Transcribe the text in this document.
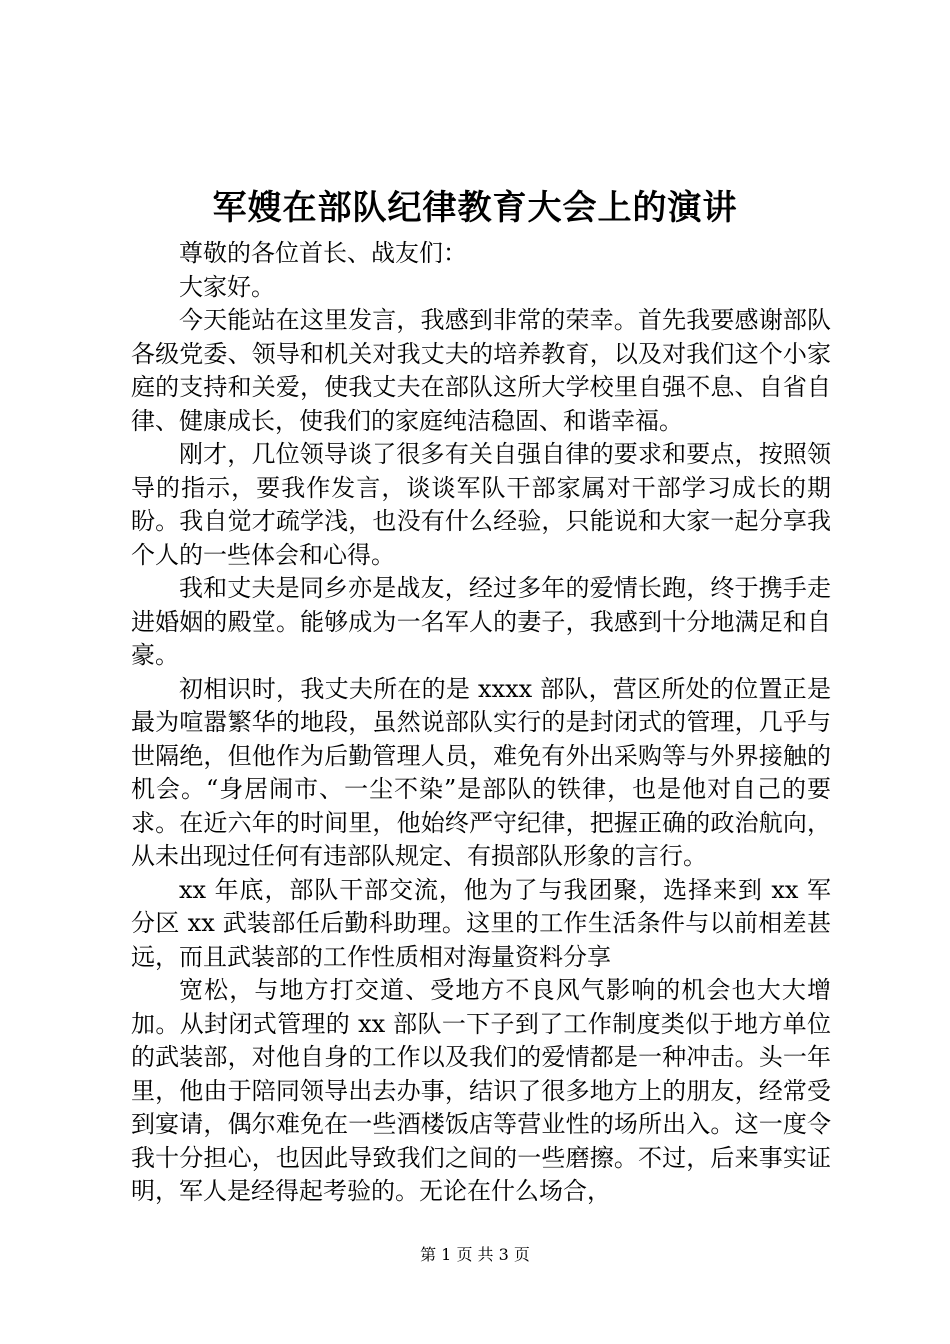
军嫂在部队纪律教育大会上的演讲

尊敬的各位首长、战友们：

大家好。

今天能站在这里发言，我感到非常的荣幸。首先我要感谢部队各级党委、领导和机关对我丈夫的培养教育，以及对我们这个小家庭的支持和关爱，使我丈夫在部队这所大学校里自强不息、自省自律、健康成长，使我们的家庭纯洁稳固、和谐幸福。

刚才，几位领导谈了很多有关自强自律的要求和要点，按照领导的指示，要我作发言，谈谈军队干部家属对干部学习成长的期盼。我自觉才疏学浅，也没有什么经验，只能说和大家一起分享我个人的一些体会和心得。

我和丈夫是同乡亦是战友，经过多年的爱情长跑，终于携手走进婚姻的殿堂。能够成为一名军人的妻子，我感到十分地满足和自豪。

初相识时，我丈夫所在的是 xxxx 部队，营区所处的位置正是最为喧嚣繁华的地段，虽然说部队实行的是封闭式的管理，几乎与世隔绝，但他作为后勤管理人员，难免有外出采购等与外界接触的机会。“身居闹市、一尘不染”是部队的铁律，也是他对自己的要求。在近六年的时间里，他始终严守纪律，把握正确的政治航向，从未出现过任何有违部队规定、有损部队形象的言行。

xx 年底，部队干部交流，他为了与我团聚，选择来到 xx 军分区 xx 武装部任后勤科助理。这里的工作生活条件与以前相差甚远，而且武装部的工作性质相对海量资料分享

宽松，与地方打交道、受地方不良风气影响的机会也大大增加。从封闭式管理的 xx 部队一下子到了工作制度类似于地方单位的武装部，对他自身的工作以及我们的爱情都是一种冲击。头一年里，他由于陪同领导出去办事，结识了很多地方上的朋友，经常受到宴请，偶尔难免在一些酒楼饭店等营业性的场所出入。这一度令我十分担心，也因此导致我们之间的一些磨擦。不过，后来事实证明，军人是经得起考验的。无论在什么场合，

第 1 页 共 3 页
